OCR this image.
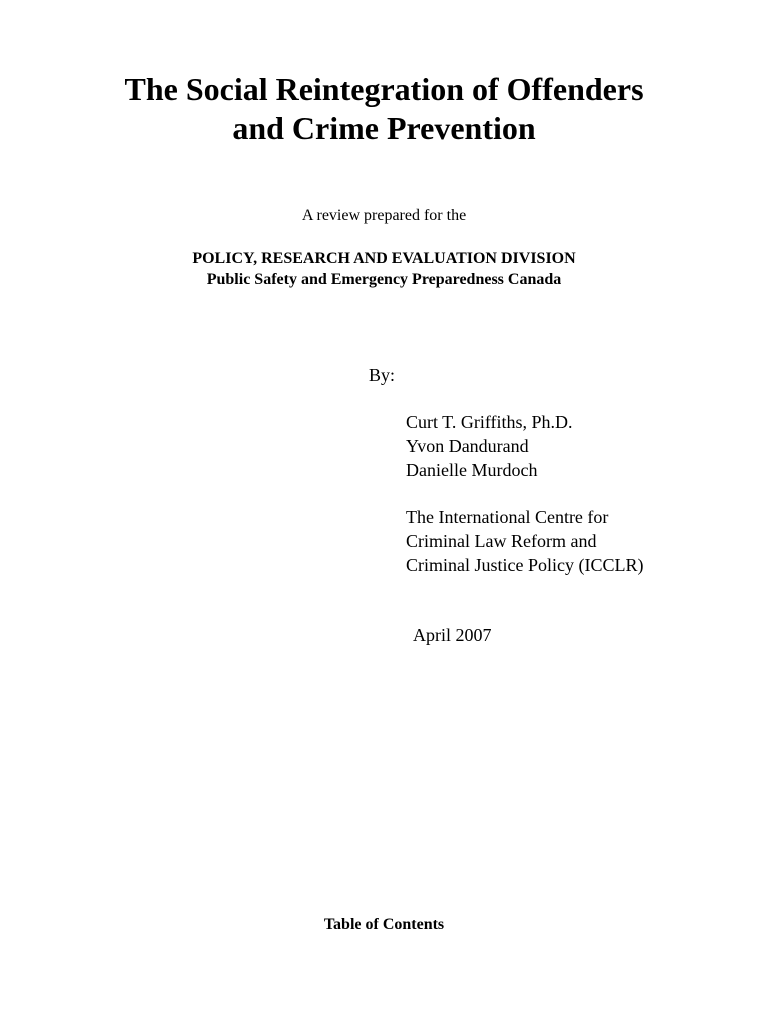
The Social Reintegration of Offenders
and Crime Prevention
A review prepared for the
POLICY, RESEARCH AND EVALUATION DIVISION
Public Safety and Emergency Preparedness Canada
By:
Curt T. Griffiths, Ph.D.
Yvon Dandurand
Danielle Murdoch
The International Centre for
Criminal Law Reform and
Criminal Justice Policy (ICCLR)
April 2007
Table of Contents
